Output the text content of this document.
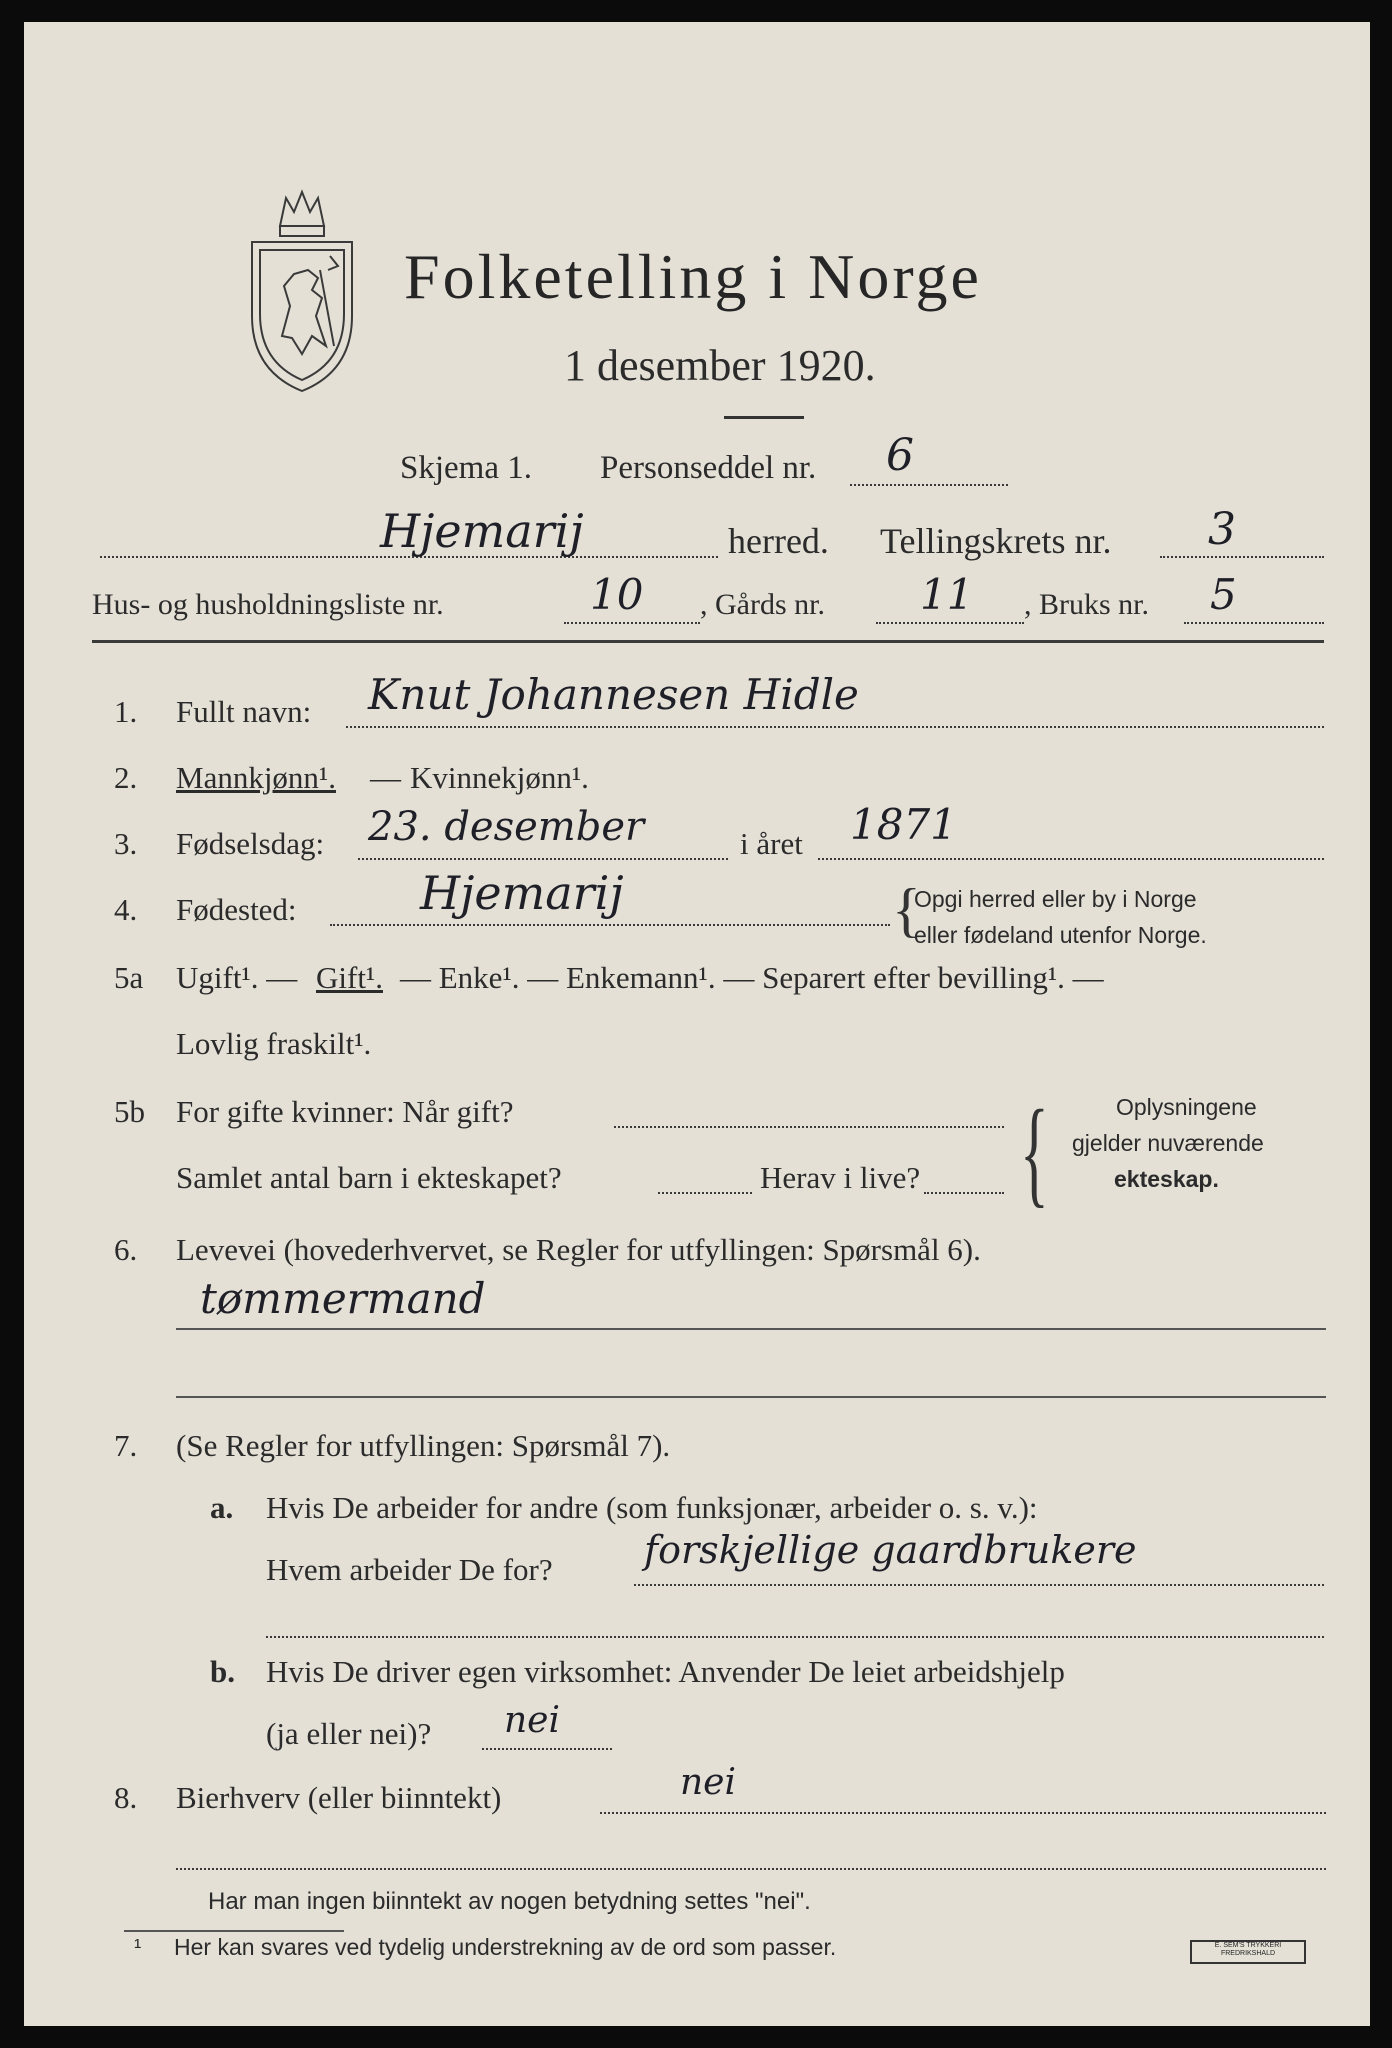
Folketelling i Norge
1 desember 1920.
Skjema 1. Personseddel nr. 6
Hjemarij	herred. Tellingskrets nr. 3
Hus- og husholdningsliste nr.	10 , Gårds nr. 11 , Bruks nr. 5
1. Fullt navn: Knut Johannesen Hidle
2. Mannkjønn¹. — Kvinnekjønn¹.
3. Fødselsdag: 23. desember	i året 1871
4. Fødested:	Hjemarij	{
Opgi herred eller by i Norge
eller fødeland utenfor Norge.
5a Ugift¹. — Gift¹. — Enke¹. — Enkemann¹. — Separert efter bevilling¹. —
Lovlig fraskilt¹.
5b For gifte kvinner: Når gift?
Samlet antal barn i ekteskapet?	Herav i live? {	Oplysningene
gjelder nuværende
ekteskap.
6. Levevei (hovederhvervet, se Regler for utfyllingen: Spørsmål 6).
tømmermand
7. (Se Regler for utfyllingen: Spørsmål 7).
a. Hvis De arbeider for andre (som funksjonær, arbeider o. s. v.):
Hvem arbeider De for? forskjellige gaardbrukere
b. Hvis De driver egen virksomhet: Anvender De leiet arbeidshjelp
(ja eller nei)? nei
8. Bierhverv (eller biinntekt)	nei
Har man ingen biinntekt av nogen betydning settes "nei".
¹ Her kan svares ved tydelig understrekning av de ord som passer.	E. SEM'S TRYKKERI
FREDRIKSHALD
